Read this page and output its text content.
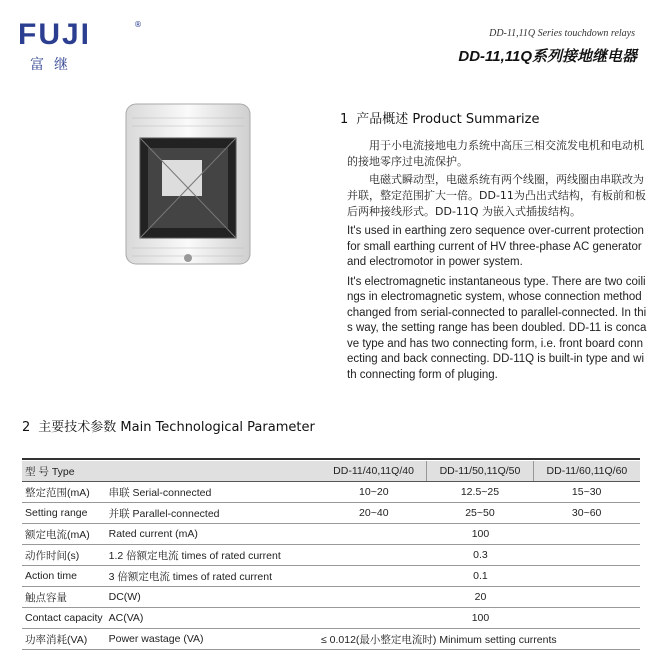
FUJI	®
富继
DD-11,11Q Series touchdown relays
DD-11,11Q系列接地继电器
1 产品概述 Product Summarize

用于小电流接地电力系统中高压三相交流发电机和电动机的接地零序过电流保护。

电磁式瞬动型，电磁系统有两个线圈，两线圈由串联改为并联，整定范围扩大一倍。DD-11为凸出式结构，有板前和板后两种接线形式。DD-11Q 为嵌入式插拔结构。

It's used in earthing zero sequence over-current protection for small earthing current of HV three-phase AC generator and electromotor in power system.

It's electromagnetic instantaneous type. There are two coilings in electromagnetic system, whose connection method changed from serial-connected to parallel-connected. In this way, the setting range has been doubled. DD-11 is concave type and has two connecting form, i.e. front board connecting and back connecting. DD-11Q is built-in type and with connecting form of pluging.

2 主要技术参数 Main Technological Parameter
型 号 Type		DD-11/40,11Q/40	DD-11/50,11Q/50	DD-11/60,11Q/60
整定范围(mA)	串联 Serial-connected	10~20	12.5~25	15~30
Setting range	并联 Parallel-connected	20~40	25~50	30~60
额定电流(mA)	Rated current (mA)	100		
动作时间(s)	1.2 倍额定电流 times of rated current	0.3		
Action time	3 倍额定电流 times of rated current	0.1		
触点容量	DC(W)	20		
Contact capacity	AC(VA)	100		
功率消耗(VA)	Power wastage (VA)	≤ 0.012(最小整定电流时) Minimum setting currents		
